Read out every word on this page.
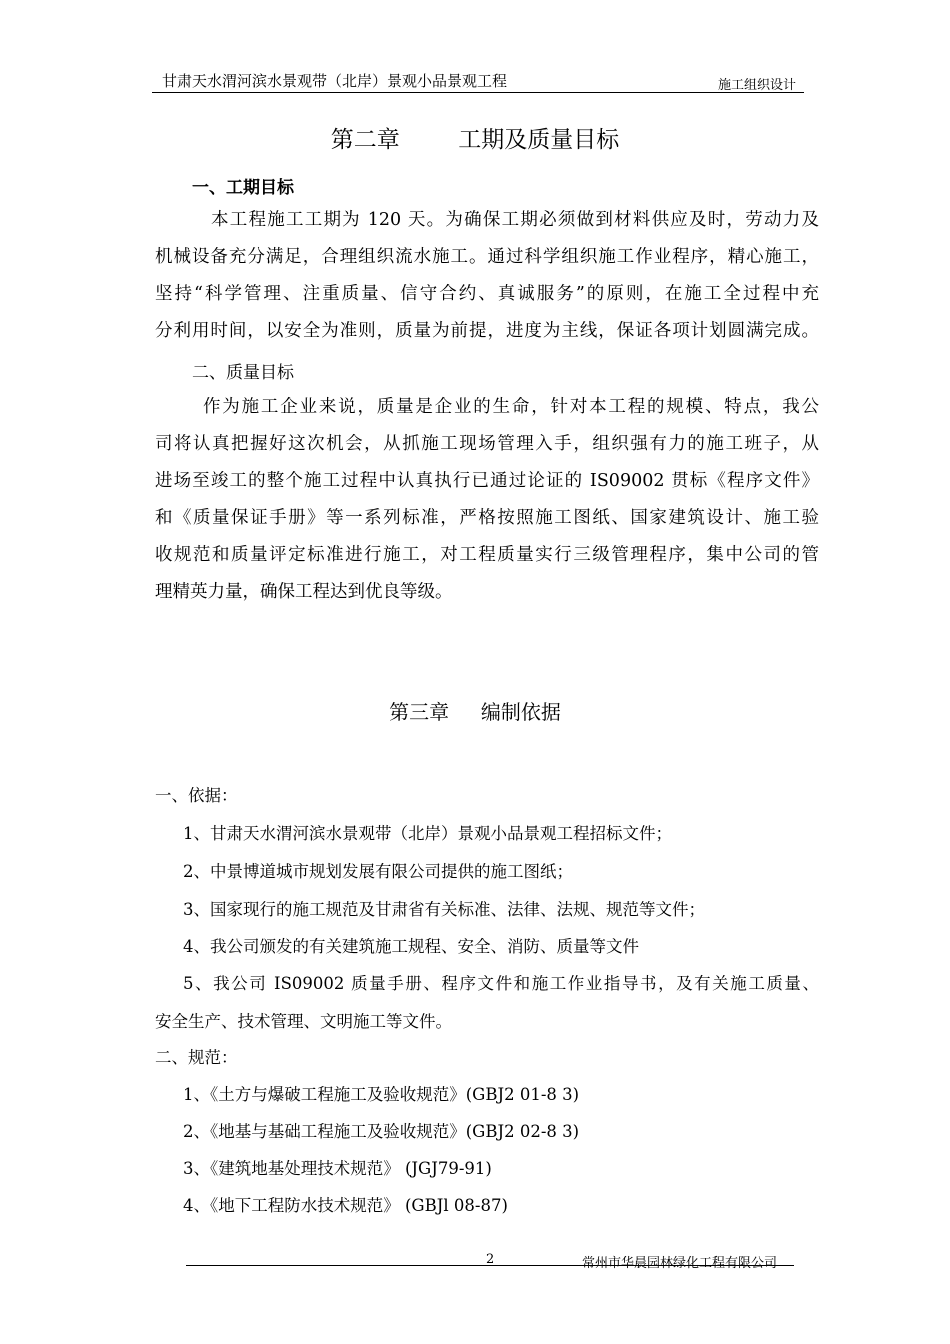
甘肃天水渭河滨水景观带（北岸）景观小品景观工程	施工组织设计
第二章        工期及质量目标
一、工期目标
本工程施工工期为 120 天。为确保工期必须做到材料供应及时，劳动力及
机械设备充分满足，合理组织流水施工。通过科学组织施工作业程序，精心施工，
坚持“科学管理、注重质量、信守合约、真诚服务”的原则，在施工全过程中充
分利用时间，以安全为准则，质量为前提，进度为主线，保证各项计划圆满完成。
二、质量目标
作为施工企业来说，质量是企业的生命，针对本工程的规模、特点，我公
司将认真把握好这次机会，从抓施工现场管理入手，组织强有力的施工班子，从
进场至竣工的整个施工过程中认真执行已通过论证的 IS09002 贯标《程序文件》
和《质量保证手册》等一系列标准，严格按照施工图纸、国家建筑设计、施工验
收规范和质量评定标准进行施工，对工程质量实行三级管理程序，集中公司的管
理精英力量，确保工程达到优良等级。
第三章     编制依据
一、依据：
1、甘肃天水渭河滨水景观带（北岸）景观小品景观工程招标文件；
2、中景博道城市规划发展有限公司提供的施工图纸；
3、国家现行的施工规范及甘肃省有关标准、法律、法规、规范等文件；
4、我公司颁发的有关建筑施工规程、安全、消防、质量等文件
5、我公司 IS09002 质量手册、程序文件和施工作业指导书，及有关施工质量、
安全生产、技术管理、文明施工等文件。
二、规范：
1、《土方与爆破工程施工及验收规范》(GBJ2 01-8 3)
2、《地基与基础工程施工及验收规范》(GBJ2 02-8 3)
3、《建筑地基处理技术规范》 (JGJ79-91)
4、《地下工程防水技术规范》 (GBJl 08-87)
2	常州市华晨园林绿化工程有限公司
